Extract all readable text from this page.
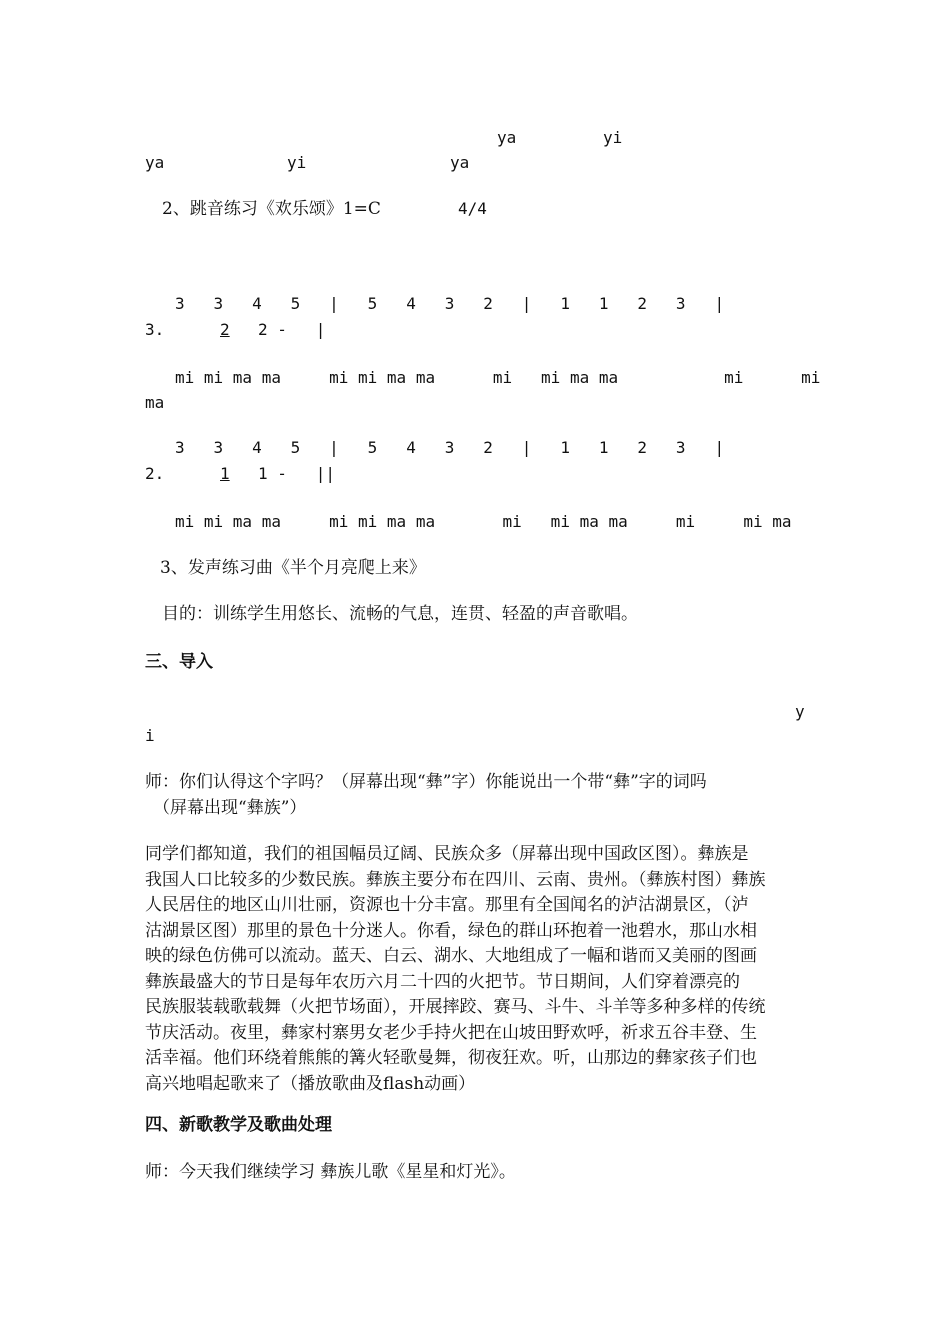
ya	yi
ya	yi	ya
2、跳音练习《欢乐颂》1=C	4/4
3   3   4   5   |   5   4   3   2   |   1   1   2   3   |
3.	2 2 -   |
mi mi ma ma     mi mi ma ma      mi   mi ma ma           mi      mi
ma
3   3   4   5   |   5   4   3   2   |   1   1   2   3   |
2.	1 1 -   ||
mi mi ma ma     mi mi ma ma       mi   mi ma ma     mi     mi ma
3、发声练习曲《半个月亮爬上来》
目的：训练学生用悠长、流畅的气息，连贯、轻盈的声音歌唱。
三、导入
y
i
师：你们认得这个字吗？（屏幕出现“彝”字）你能说出一个带“彝”字的词吗
（屏幕出现“彝族”）
同学们都知道，我们的祖国幅员辽阔、民族众多（屏幕出现中国政区图）。彝族是
我国人口比较多的少数民族。彝族主要分布在四川、云南、贵州。（彝族村图）彝族
人民居住的地区山川壮丽，资源也十分丰富。那里有全国闻名的泸沽湖景区，（泸
沽湖景区图）那里的景色十分迷人。你看，绿色的群山环抱着一池碧水，那山水相
映的绿色仿佛可以流动。蓝天、白云、湖水、大地组成了一幅和谐而又美丽的图画
彝族最盛大的节日是每年农历六月二十四的火把节。节日期间，人们穿着漂亮的
民族服装载歌载舞（火把节场面），开展摔跤、赛马、斗牛、斗羊等多种多样的传统
节庆活动。夜里，彝家村寨男女老少手持火把在山坡田野欢呼，祈求五谷丰登、生
活幸福。他们环绕着熊熊的篝火轻歌曼舞，彻夜狂欢。听，山那边的彝家孩子们也
高兴地唱起歌来了（播放歌曲及flash动画）
四、新歌教学及歌曲处理
师：今天我们继续学习 彝族儿歌《星星和灯光》。
